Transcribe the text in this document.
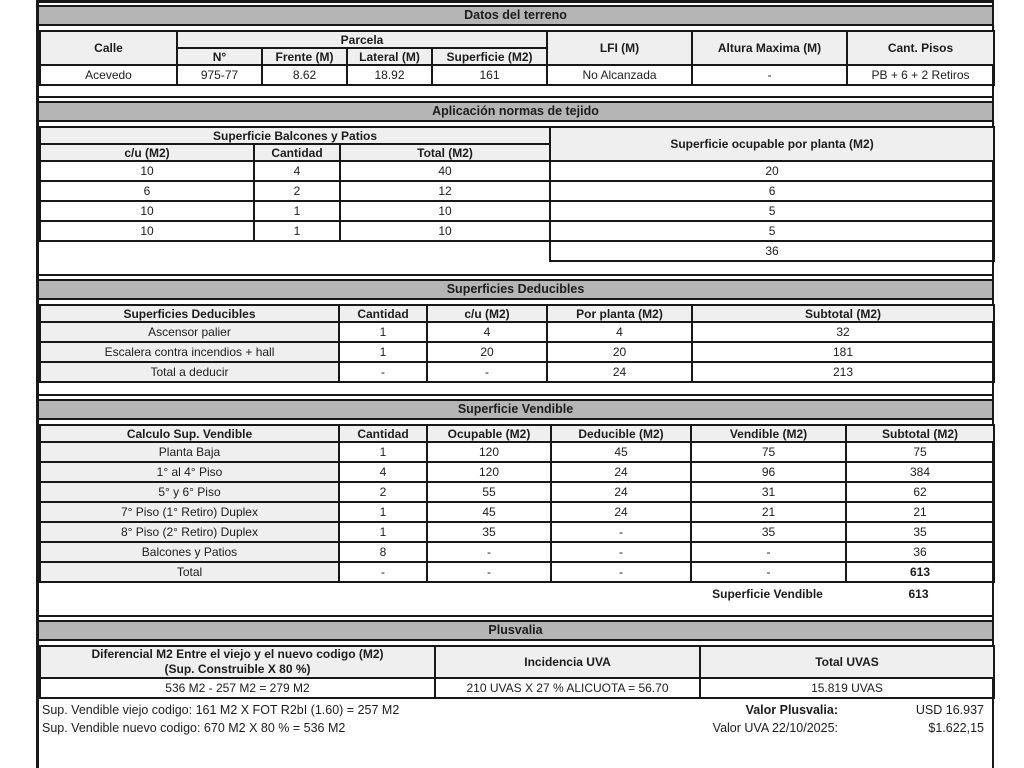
Datos del terreno
Calle	Parcela				LFI (M)	Altura Maxima (M)	Cant. Pisos
	N°	Frente (M)	Lateral (M)	Superficie (M2)			
Acevedo	975-77	8.62	18.92	161	No Alcanzada	-	PB + 6 + 2 Retiros
Aplicación normas de tejido
Superficie Balcones y Patios			Superficie ocupable por planta (M2)
c/u (M2)	Cantidad	Total (M2)	
10	4	40	20
6	2	12	6
10	1	10	5
10	1	10	5
			36
Superficies Deducibles
Superficies Deducibles	Cantidad	c/u (M2)	Por planta (M2)	Subtotal (M2)
Ascensor palier	1	4	4	32
Escalera contra incendios + hall	1	20	20	181
Total a deducir	-	-	24	213
Superficie Vendible
Calculo Sup. Vendible	Cantidad	Ocupable (M2)	Deducible (M2)	Vendible (M2)	Subtotal (M2)
Planta Baja	1	120	45	75	75
1° al 4° Piso	4	120	24	96	384
5° y 6° Piso	2	55	24	31	62
7° Piso (1° Retiro) Duplex	1	45	24	21	21
8° Piso (2° Retiro) Duplex	1	35	-	35	35
Balcones y Patios	8	-	-	-	36
Total	-	-	-	-	613
Superficie Vendible	613
Plusvalia
Diferencial M2 Entre el viejo y el nuevo codigo (M2)
(Sup. Construible X 80 %)	Incidencia UVA	Total UVAS
536 M2 - 257 M2 = 279 M2	210 UVAS X 27 % ALICUOTA = 56.70	15.819 UVAS
Sup. Vendible viejo codigo: 161 M2 X FOT R2bI (1.60) = 257 M2	Valor Plusvalia:	USD 16.937
Sup. Vendible nuevo codigo: 670 M2 X 80 % = 536 M2	Valor UVA 22/10/2025:	$1.622,15
